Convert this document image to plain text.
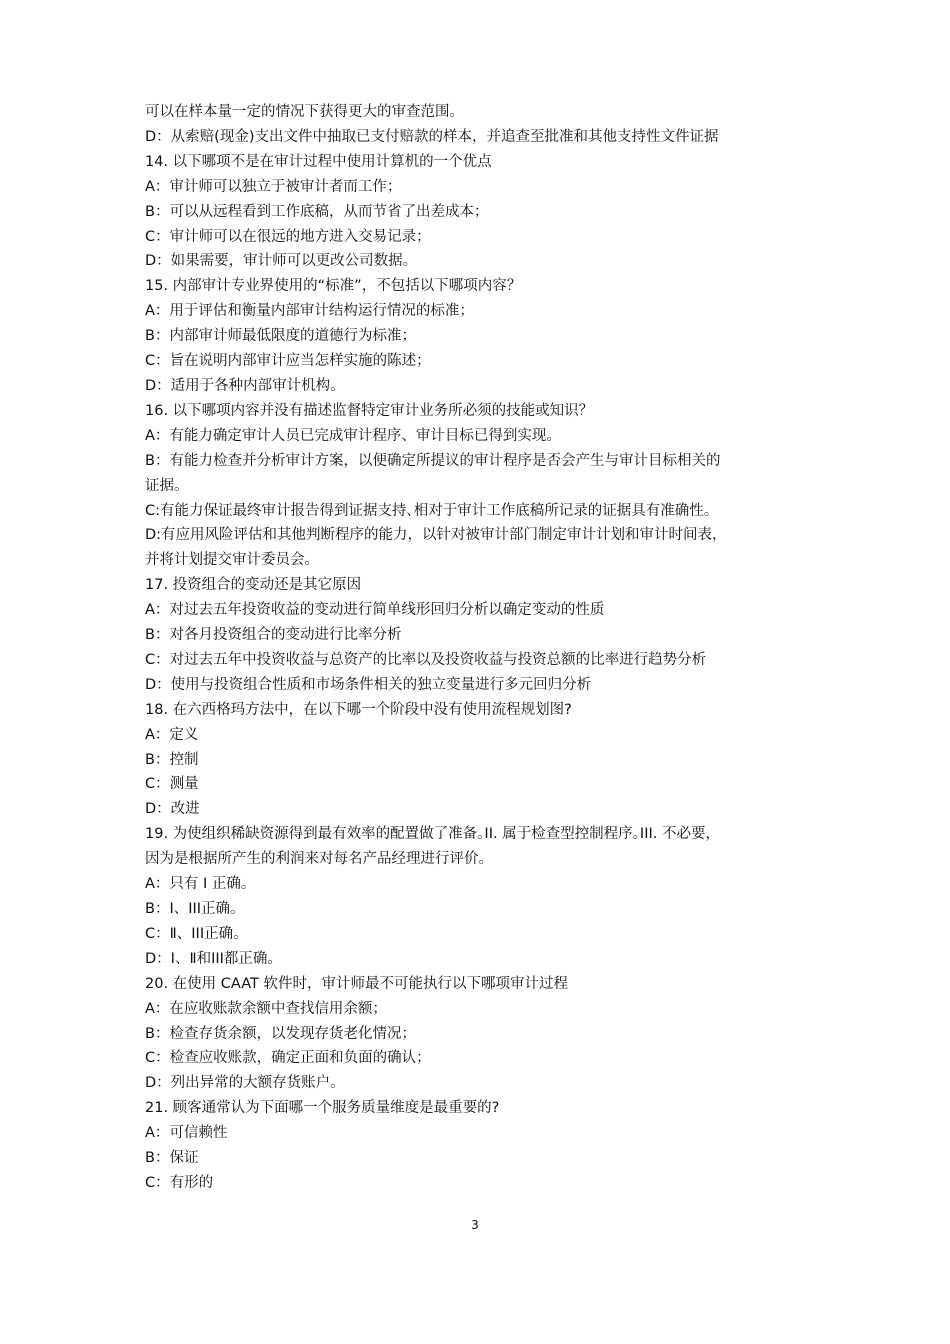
可以在样本量一定的情况下获得更大的审查范围。

D：从索赔(现金)支出文件中抽取已支付赔款的样本，并追查至批准和其他支持性文件证据

14. 以下哪项不是在审计过程中使用计算机的一个优点

A：审计师可以独立于被审计者而工作；

B：可以从远程看到工作底稿，从而节省了出差成本；

C：审计师可以在很远的地方进入交易记录；

D：如果需要，审计师可以更改公司数据。

15. 内部审计专业界使用的“标准”，不包括以下哪项内容？

A：用于评估和衡量内部审计结构运行情况的标准；

B：内部审计师最低限度的道德行为标准；

C：旨在说明内部审计应当怎样实施的陈述；

D：适用于各种内部审计机构。

16. 以下哪项内容并没有描述监督特定审计业务所必须的技能或知识？

A：有能力确定审计人员已完成审计程序、审计目标已得到实现。

B：有能力检查并分析审计方案，以便确定所提议的审计程序是否会产生与审计目标相关的

证据。

C:有能力保证最终审计报告得到证据支持､相对于审计工作底稿所记录的证据具有准确性。

D:有应用风险评估和其他判断程序的能力，以针对被审计部门制定审计计划和审计时间表，

并将计划提交审计委员会。

17. 投资组合的变动还是其它原因

A：对过去五年投资收益的变动进行简单线形回归分析以确定变动的性质

B：对各月投资组合的变动进行比率分析

C：对过去五年中投资收益与总资产的比率以及投资收益与投资总额的比率进行趋势分析

D：使用与投资组合性质和市场条件相关的独立变量进行多元回归分析

18. 在六西格玛方法中，在以下哪一个阶段中没有使用流程规划图?

A：定义

B：控制

C：测量

D：改进

19. 为使组织稀缺资源得到最有效率的配置做了准备｡II. 属于检查型控制程序｡III. 不必要，

因为是根据所产生的利润来对每名产品经理进行评价。

A：只有 I 正确。

B：I、III正确。

C：Ⅱ、III正确。

D：I、Ⅱ和III都正确。

20. 在使用 CAAT 软件时，审计师最不可能执行以下哪项审计过程

A：在应收账款余额中查找信用余额；

B：检查存货余额，以发现存货老化情况；

C：检查应收账款，确定正面和负面的确认；

D：列出异常的大额存货账户。

21. 顾客通常认为下面哪一个服务质量维度是最重要的?

A：可信赖性

B：保证

C：有形的

3
